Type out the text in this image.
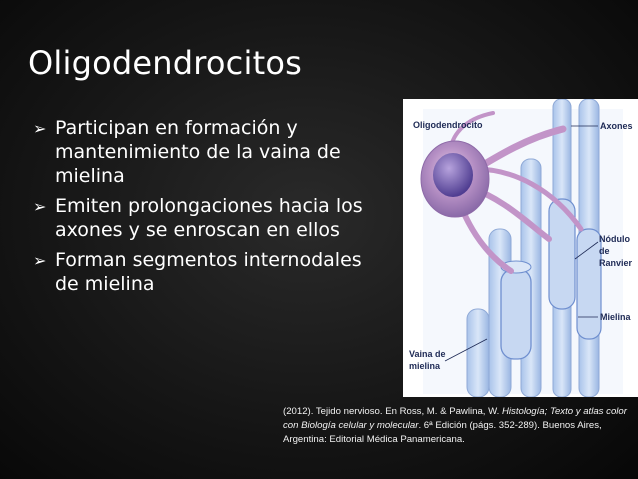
Oligodendrocitos
➢ Participan en formación y mantenimiento de la vaina de mielina
➢ Emiten prolongaciones hacia los axones y se enroscan en ellos
➢ Forman segmentos internodales de mielina
Oligodendrocito	Axones
Nódulo
de
Ranvier
Mielina
Vaina de
mielina
(2012). Tejido nervioso. En Ross, M. & Pawlina, W. Histología; Texto y atlas color con Biología celular y molecular. 6ª Edición (págs. 352-289). Buenos Aires, Argentina: Editorial Médica Panamericana.
